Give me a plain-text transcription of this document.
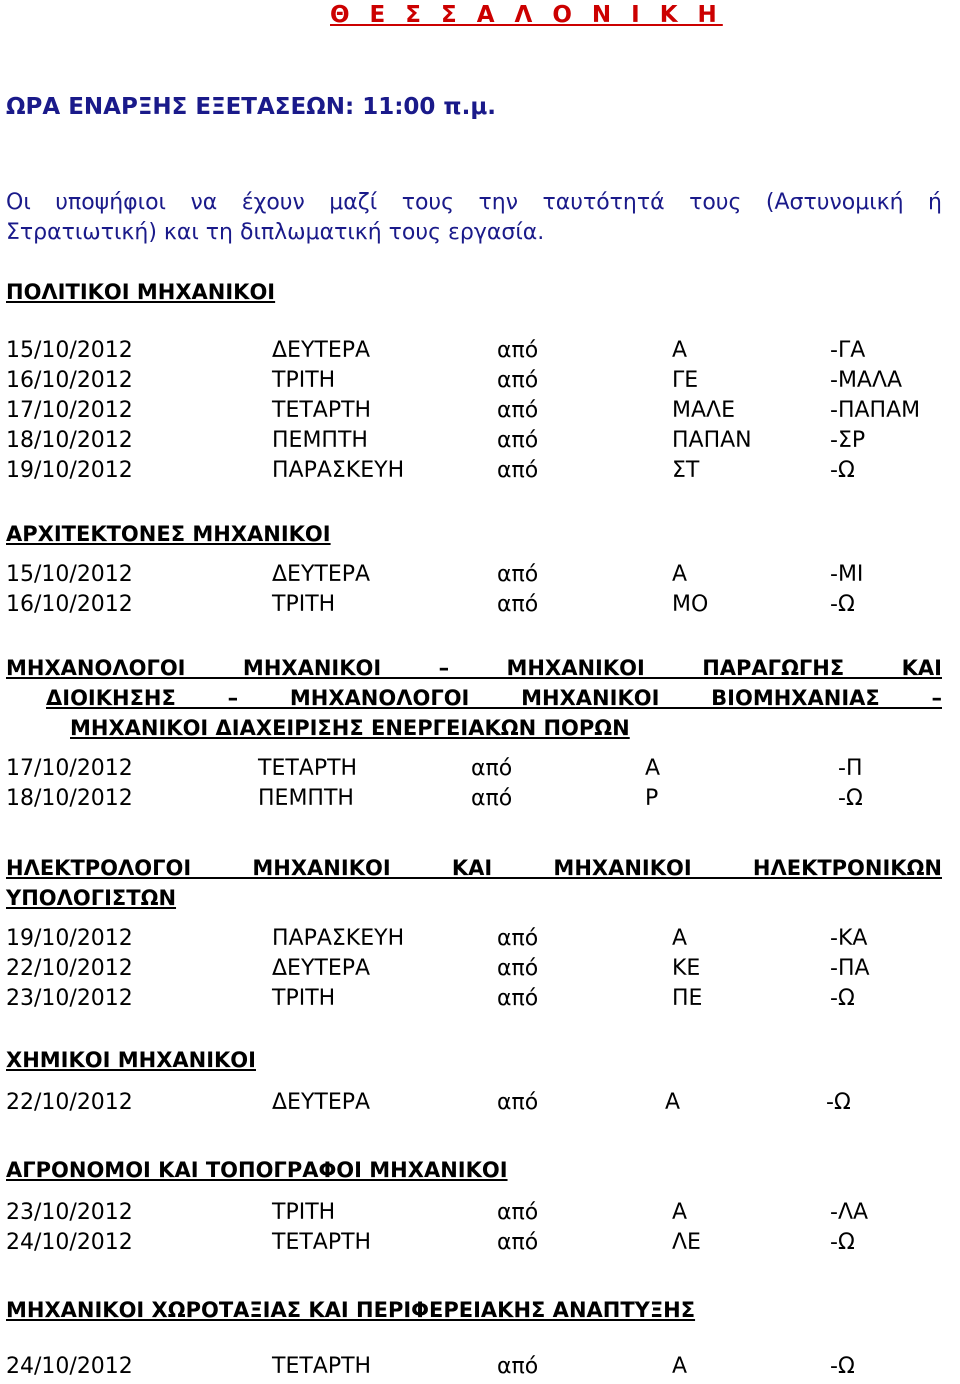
Θ Ε Σ Σ Α Λ Ο Ν Ι Κ Η
ΩΡΑ ΕΝΑΡΞΗΣ ΕΞΕΤΑΣΕΩΝ: 11:00 π.μ.
Οι υποψήφιοι να έχουν μαζί τους την ταυτότητά τους (Αστυνομική ή
Στρατιωτική) και τη διπλωματική τους εργασία.
ΠΟΛΙΤΙΚΟΙ ΜΗΧΑΝΙΚΟΙ
15/10/2012	ΔΕΥΤΕΡΑ	από	Α	-ΓΑ
16/10/2012	ΤΡΙΤΗ	από	ΓΕ	-ΜΑΛΑ
17/10/2012	ΤΕΤΑΡΤΗ	από	ΜΑΛΕ	-ΠΑΠΑΜ
18/10/2012	ΠΕΜΠΤΗ	από	ΠΑΠΑΝ	-ΣΡ
19/10/2012	ΠΑΡΑΣΚΕΥΗ	από	ΣΤ	-Ω
ΑΡΧΙΤΕΚΤΟΝΕΣ ΜΗΧΑΝΙΚΟΙ
15/10/2012	ΔΕΥΤΕΡΑ	από	Α	-ΜΙ
16/10/2012	ΤΡΙΤΗ	από	ΜΟ	-Ω
ΜΗΧΑΝΟΛΟΓΟΙ ΜΗΧΑΝΙΚΟΙ – ΜΗΧΑΝΙΚΟΙ ΠΑΡΑΓΩΓΗΣ ΚΑΙ
ΔΙΟΙΚΗΣΗΣ – ΜΗΧΑΝΟΛΟΓΟΙ ΜΗΧΑΝΙΚΟΙ ΒΙΟΜΗΧΑΝΙΑΣ –
ΜΗΧΑΝΙΚΟΙ ΔΙΑΧΕΙΡΙΣΗΣ ΕΝΕΡΓΕΙΑΚΩΝ ΠΟΡΩΝ
17/10/2012	ΤΕΤΑΡΤΗ	από	Α	-Π
18/10/2012	ΠΕΜΠΤΗ	από	Ρ	-Ω
ΗΛΕΚΤΡΟΛΟΓΟΙ ΜΗΧΑΝΙΚΟΙ ΚΑΙ ΜΗΧΑΝΙΚΟΙ ΗΛΕΚΤΡΟΝΙΚΩΝ
ΥΠΟΛΟΓΙΣΤΩΝ
19/10/2012	ΠΑΡΑΣΚΕΥΗ	από	Α	-ΚΑ
22/10/2012	ΔΕΥΤΕΡΑ	από	ΚΕ	-ΠΑ
23/10/2012	ΤΡΙΤΗ	από	ΠΕ	-Ω
ΧΗΜΙΚΟΙ ΜΗΧΑΝΙΚΟΙ
22/10/2012	ΔΕΥΤΕΡΑ	από	Α	-Ω
ΑΓΡΟΝΟΜΟΙ ΚΑΙ ΤΟΠΟΓΡΑΦΟΙ ΜΗΧΑΝΙΚΟΙ
23/10/2012	ΤΡΙΤΗ	από	Α	-ΛΑ
24/10/2012	ΤΕΤΑΡΤΗ	από	ΛΕ	-Ω
ΜΗΧΑΝΙΚΟΙ ΧΩΡΟΤΑΞΙΑΣ ΚΑΙ ΠΕΡΙΦΕΡΕΙΑΚΗΣ ΑΝΑΠΤΥΞΗΣ
24/10/2012	ΤΕΤΑΡΤΗ	από	Α	-Ω
